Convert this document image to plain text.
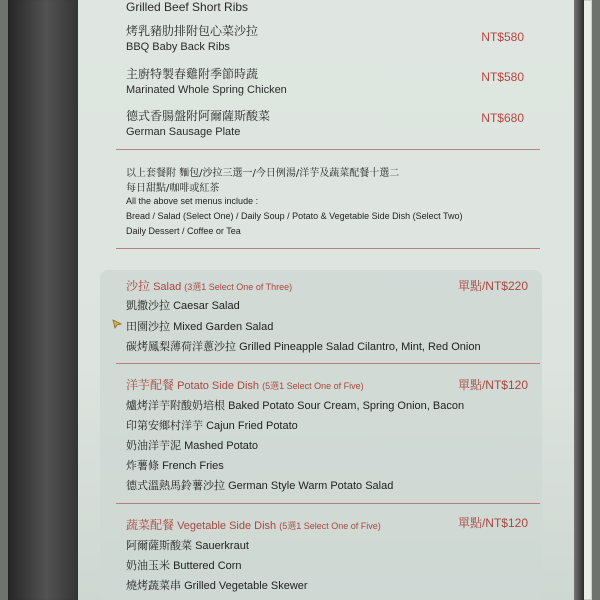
Grilled Beef Short Ribs
烤乳豬肋排附包心菜沙拉
BBQ Baby Back Ribs
NT$580
主廚特製春雞附季節時蔬
Marinated Whole Spring Chicken
NT$580
德式香腸盤附阿爾薩斯酸菜
German Sausage Plate
NT$680
以上套餐附 麵包/沙拉三選一/今日例湯/洋芋及蔬菜配餐十選二
每日甜點/咖啡或紅茶
All the above set menus include :
Bread / Salad (Select One) / Daily Soup / Potato & Vegetable Side Dish (Select Two)
Daily Dessert / Coffee or Tea
沙拉 Salad (3選1 Select One of Three)	單點/NT$220
凱撒沙拉 Caesar Salad
田園沙拉 Mixed Garden Salad
碳烤鳳梨薄荷洋蔥沙拉 Grilled Pineapple Salad Cilantro, Mint, Red Onion
洋芋配餐 Potato Side Dish (5選1 Select One of Five)	單點/NT$120
爐烤洋芋附酸奶培根 Baked Potato Sour Cream, Spring Onion, Bacon
印第安鄉村洋芋 Cajun Fried Potato
奶油洋芋泥 Mashed Potato
炸薯條 French Fries
德式溫熱馬鈴薯沙拉 German Style Warm Potato Salad
蔬菜配餐 Vegetable Side Dish (5選1 Select One of Five)	單點/NT$120
阿爾薩斯酸菜 Sauerkraut
奶油玉米 Buttered Corn
燒烤蔬菜串 Grilled Vegetable Skewer
